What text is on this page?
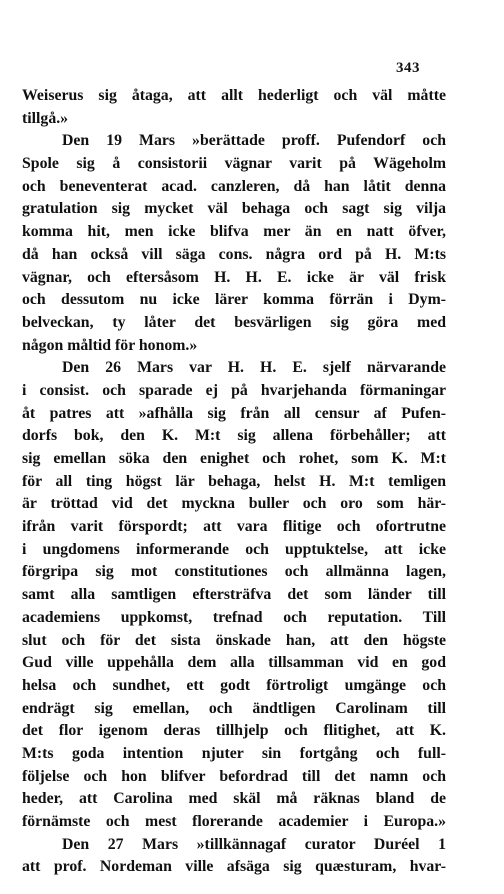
343
Weiserus sig åtaga, att allt hederligt och väl måtte
tillgå.»
Den 19 Mars »berättade proff. Pufendorf och
Spole sig å consistorii vägnar varit på Wägeholm
och beneventerat acad. canzleren, då han låtit denna
gratulation sig mycket väl behaga och sagt sig vilja
komma hit, men icke blifva mer än en natt öfver,
då han också vill säga cons. några ord på H. M:ts
vägnar, och eftersåsom H. H. E. icke är väl frisk
och dessutom nu icke lärer komma förrän i Dym-
belveckan, ty låter det besvärligen sig göra med
någon måltid för honom.»
Den 26 Mars var H. H. E. sjelf närvarande
i consist. och sparade ej på hvarjehanda förmaningar
åt patres att »afhålla sig från all censur af Pufen-
dorfs bok, den K. M:t sig allena förbehåller; att
sig emellan söka den enighet och rohet, som K. M:t
för all ting högst lär behaga, helst H. M:t temligen
är tröttad vid det myckna buller och oro som här-
ifrån varit förspordt; att vara flitige och ofortrutne
i ungdomens informerande och upptuktelse, att icke
förgripa sig mot constitutiones och allmänna lagen,
samt alla samtligen eftersträfva det som länder till
academiens uppkomst, trefnad och reputation. Till
slut och för det sista önskade han, att den högste
Gud ville uppehålla dem alla tillsamman vid en god
helsa och sundhet, ett godt förtroligt umgänge och
endrägt sig emellan, och ändtligen Carolinam till
det flor igenom deras tillhjelp och flitighet, att K.
M:ts goda intention njuter sin fortgång och full-
följelse och hon blifver befordrad till det namn och
heder, att Carolina med skäl må räknas bland de
förnämste och mest florerande academier i Europa.»
Den 27 Mars »tillkännagaf curator Duréel 1
att prof. Nordeman ville afsäga sig quæsturam, hvar-
